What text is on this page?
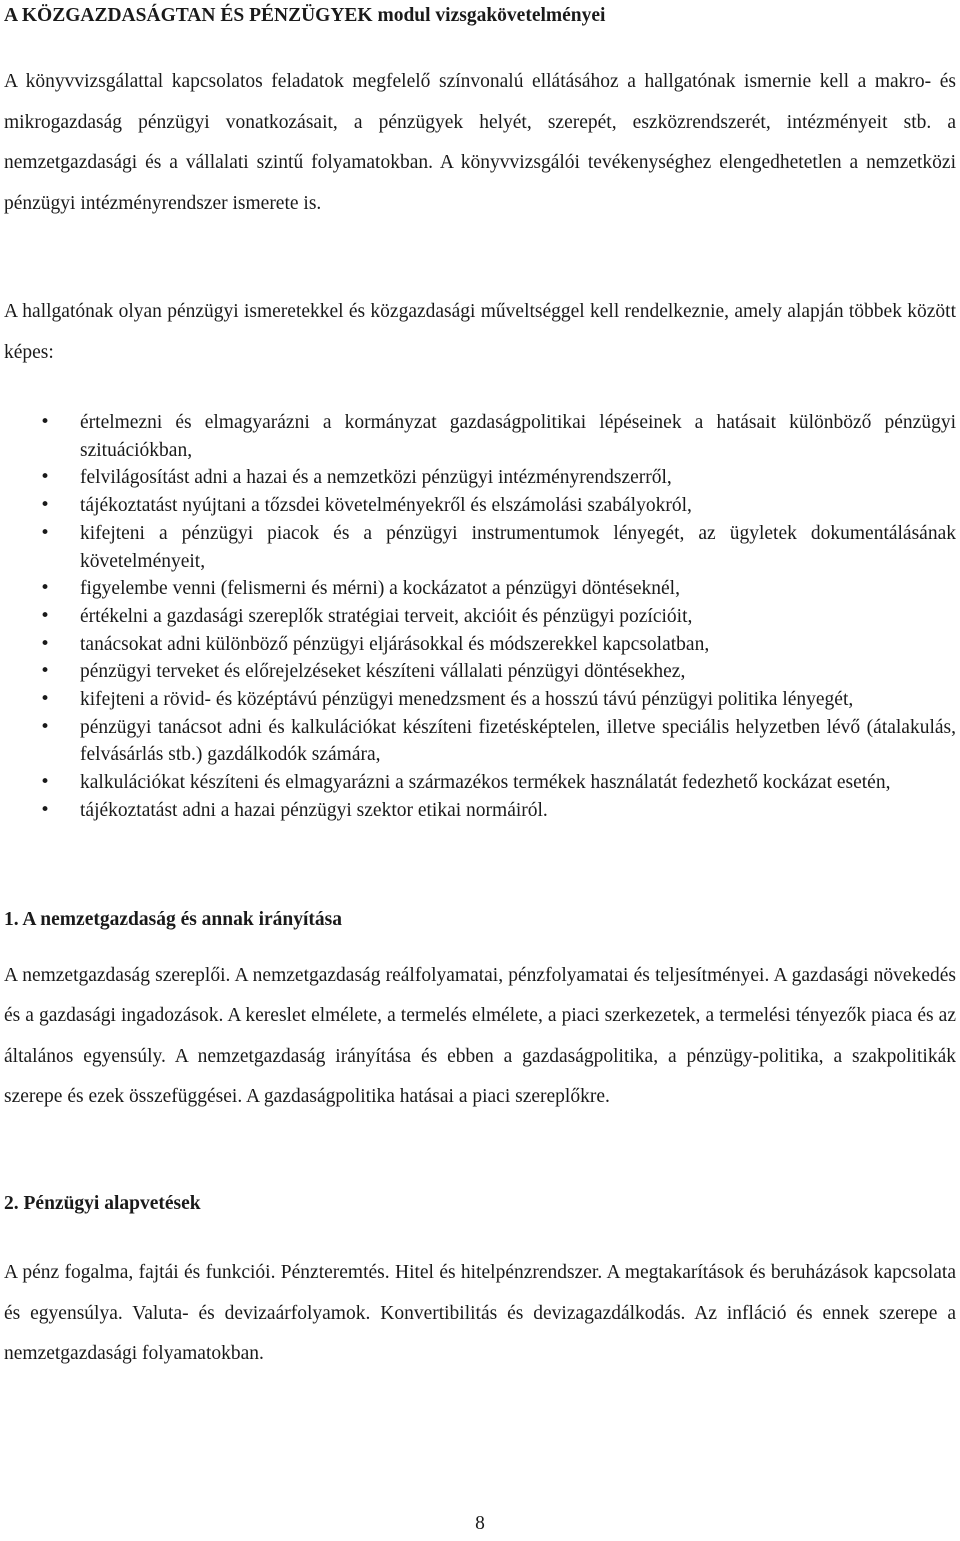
A KÖZGAZDASÁGTAN ÉS PÉNZÜGYEK modul vizsgakövetelményei

A könyvvizsgálattal kapcsolatos feladatok megfelelő színvonalú ellátásához a hallgatónak ismernie kell a makro- és mikrogazdaság pénzügyi vonatkozásait, a pénzügyek helyét, szerepét, eszközrendszerét, intézményeit stb. a nemzetgazdasági és a vállalati szintű folyamatokban. A könyvvizsgálói tevékenységhez elengedhetetlen a nemzetközi pénzügyi intézményrendszer ismerete is.

A hallgatónak olyan pénzügyi ismeretekkel és közgazdasági műveltséggel kell rendelkeznie, amely alapján többek között képes:

• értelmezni és elmagyarázni a kormányzat gazdaságpolitikai lépéseinek a hatásait különböző pénzügyi szituációkban,
• felvilágosítást adni a hazai és a nemzetközi pénzügyi intézményrendszerről,
• tájékoztatást nyújtani a tőzsdei követelményekről és elszámolási szabályokról,
• kifejteni a pénzügyi piacok és a pénzügyi instrumentumok lényegét, az ügyletek dokumentálásának követelményeit,
• figyelembe venni (felismerni és mérni) a kockázatot a pénzügyi döntéseknél,
• értékelni a gazdasági szereplők stratégiai terveit, akcióit és pénzügyi pozícióit,
• tanácsokat adni különböző pénzügyi eljárásokkal és módszerekkel kapcsolatban,
• pénzügyi terveket és előrejelzéseket készíteni vállalati pénzügyi döntésekhez,
• kifejteni a rövid- és középtávú pénzügyi menedzsment és a hosszú távú pénzügyi politika lényegét,
• pénzügyi tanácsot adni és kalkulációkat készíteni fizetésképtelen, illetve speciális helyzetben lévő (átalakulás, felvásárlás stb.) gazdálkodók számára,
• kalkulációkat készíteni és elmagyarázni a származékos termékek használatát fedezhető kockázat esetén,
• tájékoztatást adni a hazai pénzügyi szektor etikai normáiról.
1. A nemzetgazdaság és annak irányítása

A nemzetgazdaság szereplői. A nemzetgazdaság reálfolyamatai, pénzfolyamatai és teljesítményei. A gazdasági növekedés és a gazdasági ingadozások. A kereslet elmélete, a termelés elmélete, a piaci szerkezetek, a termelési tényezők piaca és az általános egyensúly. A nemzetgazdaság irányítása és ebben a gazdaságpolitika, a pénzügy-politika, a szakpolitikák szerepe és ezek összefüggései. A gazdaságpolitika hatásai a piaci szereplőkre.

2. Pénzügyi alapvetések

A pénz fogalma, fajtái és funkciói. Pénzteremtés. Hitel és hitelpénzrendszer. A megtakarítások és beruházások kapcsolata és egyensúlya. Valuta- és devizaárfolyamok. Konvertibilitás és devizagazdálkodás. Az infláció és ennek szerepe a nemzetgazdasági folyamatokban.

8
